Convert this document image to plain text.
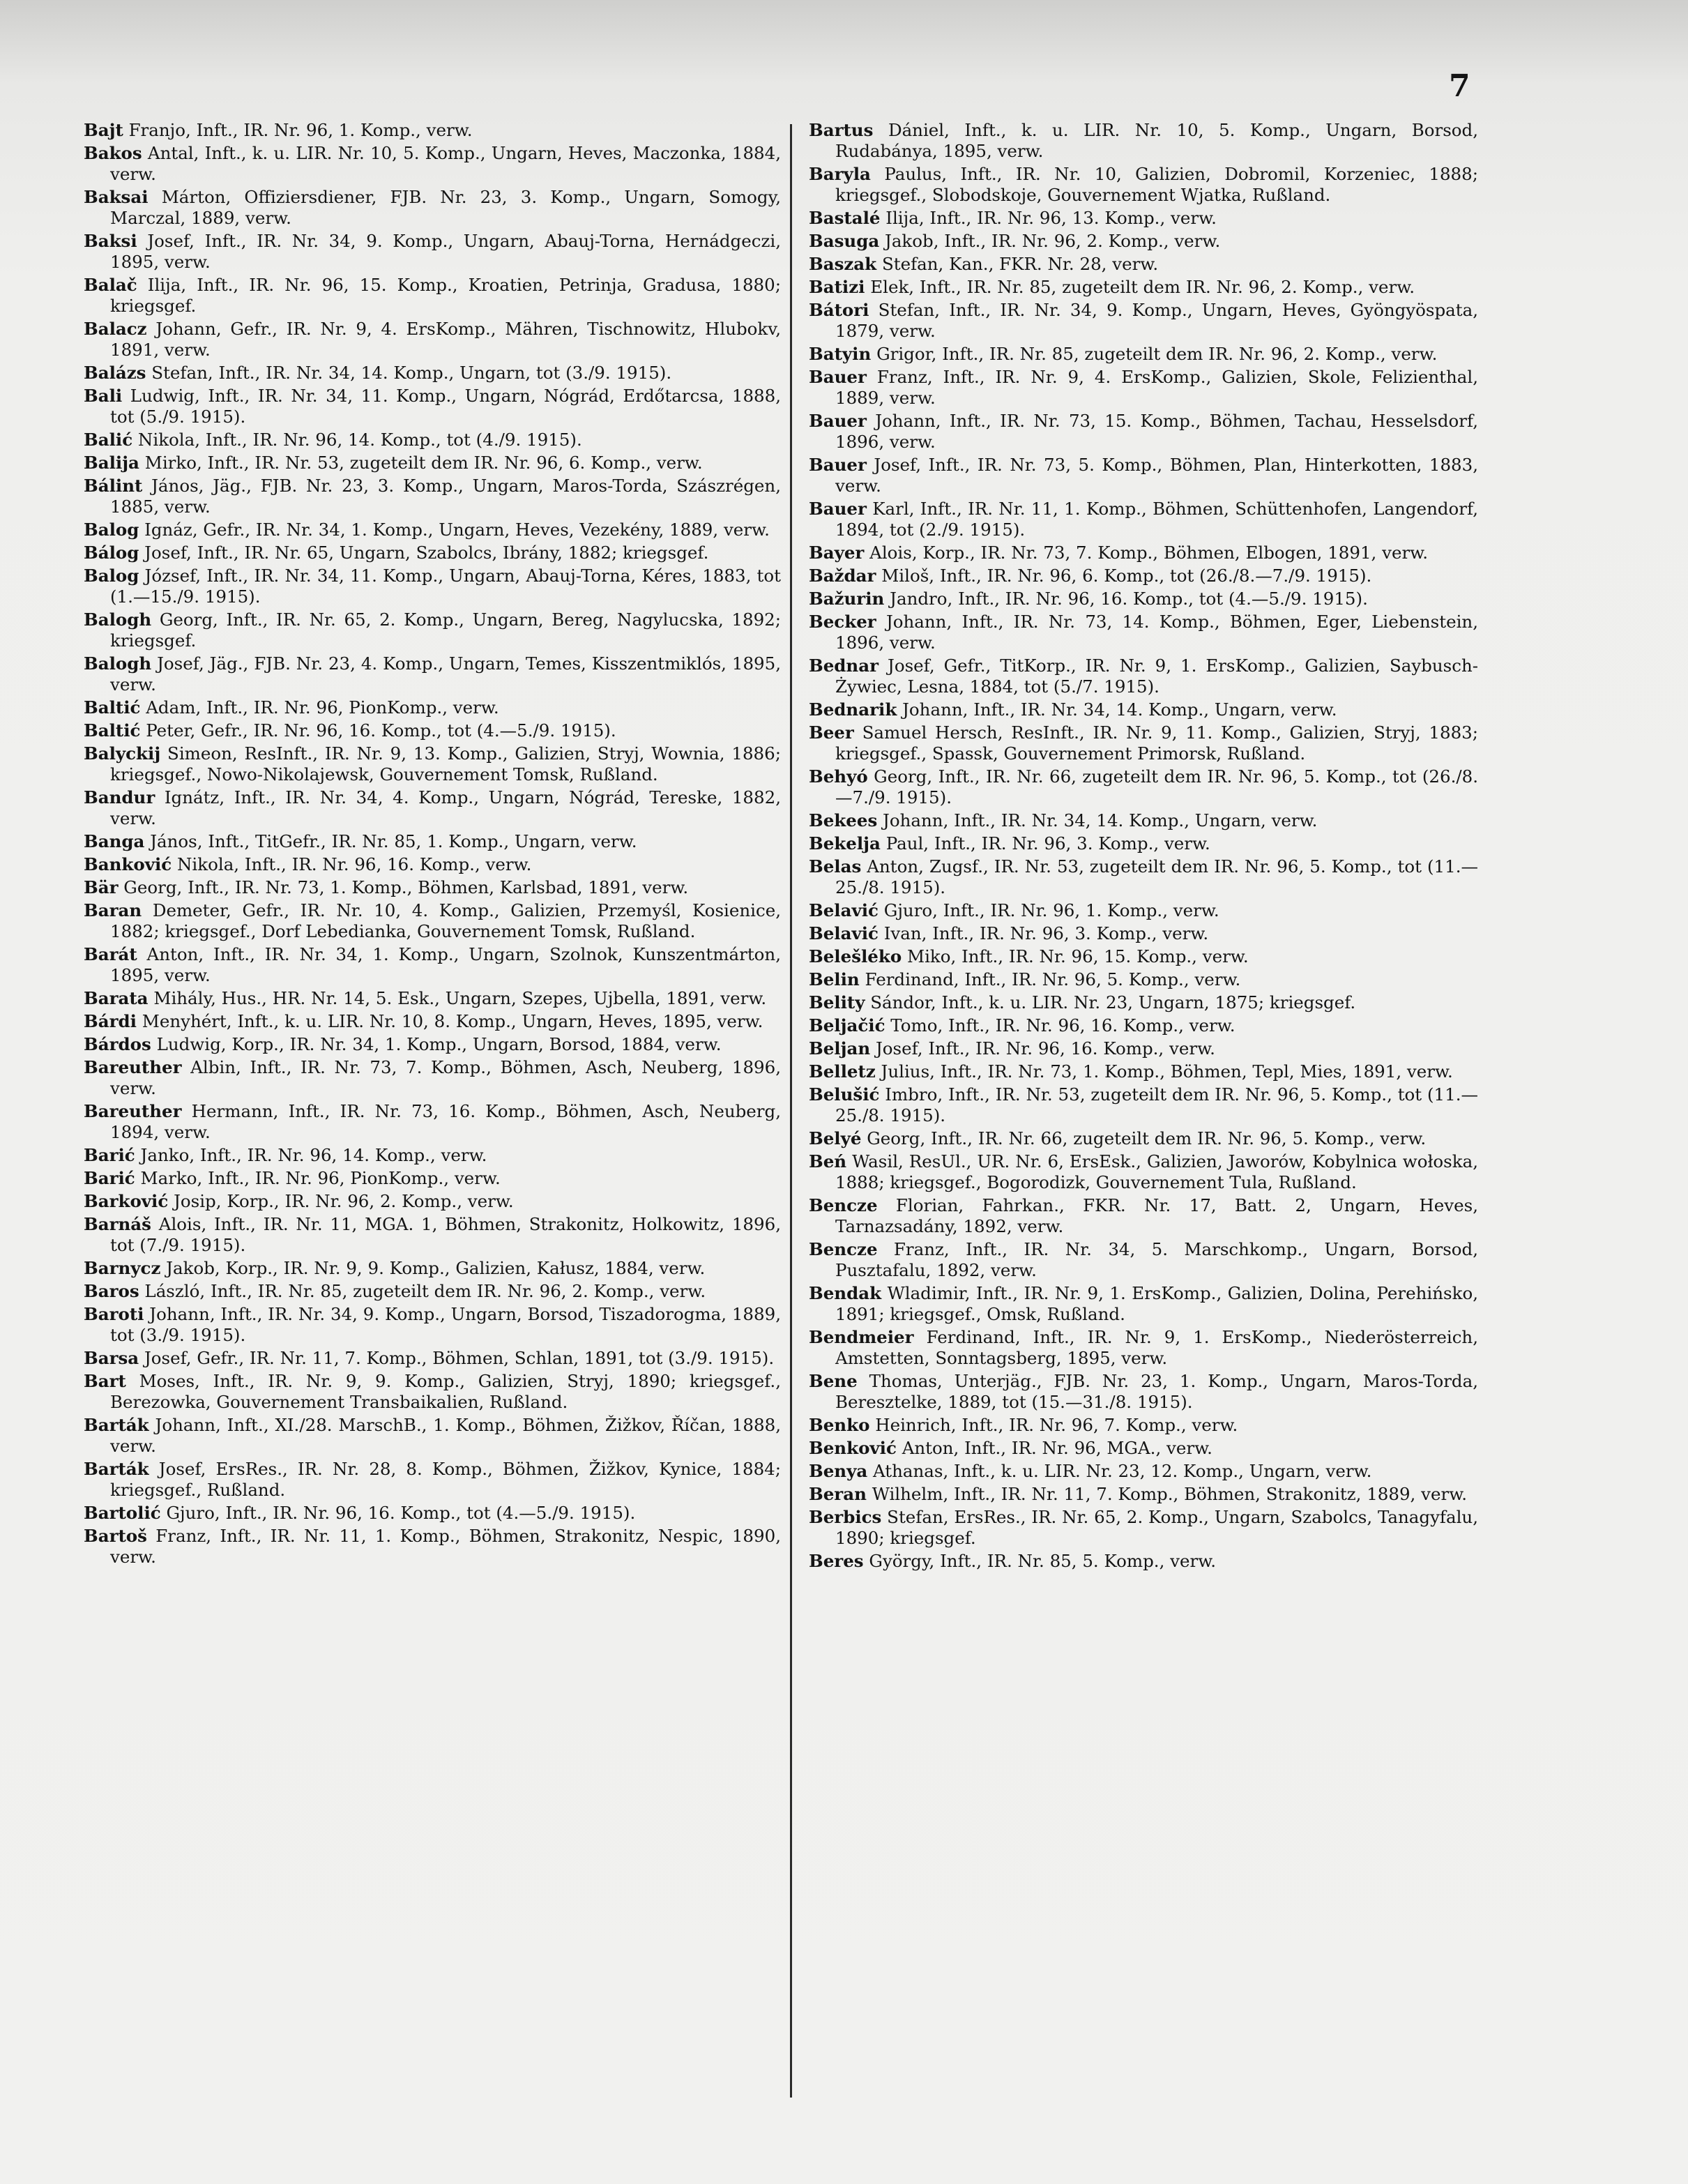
7

Bajt Franjo, Inft., IR. Nr. 96, 1. Komp., verw.

Bakos Antal, Inft., k. u. LIR. Nr. 10, 5. Komp., Ungarn, Heves, Maczonka, 1884, verw.

Baksai Márton, Offiziersdiener, FJB. Nr. 23, 3. Komp., Ungarn, Somogy, Marczal, 1889, verw.

Baksi Josef, Inft., IR. Nr. 34, 9. Komp., Ungarn, Abauj-Torna, Hernádgeczi, 1895, verw.

Balač Ilija, Inft., IR. Nr. 96, 15. Komp., Kroatien, Petrinja, Gradusa, 1880; kriegsgef.

Balacz Johann, Gefr., IR. Nr. 9, 4. ErsKomp., Mähren, Tischnowitz, Hlubokv, 1891, verw.

Balázs Stefan, Inft., IR. Nr. 34, 14. Komp., Ungarn, tot (3./9. 1915).

Bali Ludwig, Inft., IR. Nr. 34, 11. Komp., Ungarn, Nógrád, Erdőtarcsa, 1888, tot (5./9. 1915).

Balić Nikola, Inft., IR. Nr. 96, 14. Komp., tot (4./9. 1915).

Balija Mirko, Inft., IR. Nr. 53, zugeteilt dem IR. Nr. 96, 6. Komp., verw.

Bálint János, Jäg., FJB. Nr. 23, 3. Komp., Ungarn, Maros-Torda, Szászrégen, 1885, verw.

Balog Ignáz, Gefr., IR. Nr. 34, 1. Komp., Ungarn, Heves, Vezekény, 1889, verw.

Bálog Josef, Inft., IR. Nr. 65, Ungarn, Szabolcs, Ibrány, 1882; kriegsgef.

Balog József, Inft., IR. Nr. 34, 11. Komp., Ungarn, Abauj-Torna, Kéres, 1883, tot (1.—15./9. 1915).

Balogh Georg, Inft., IR. Nr. 65, 2. Komp., Ungarn, Bereg, Nagylucska, 1892; kriegsgef.

Balogh Josef, Jäg., FJB. Nr. 23, 4. Komp., Ungarn, Temes, Kisszentmiklós, 1895, verw.

Baltić Adam, Inft., IR. Nr. 96, PionKomp., verw.

Baltić Peter, Gefr., IR. Nr. 96, 16. Komp., tot (4.—5./9. 1915).

Balyckij Simeon, ResInft., IR. Nr. 9, 13. Komp., Galizien, Stryj, Wownia, 1886; kriegsgef., Nowo-Nikolajewsk, Gouvernement Tomsk, Rußland.

Bandur Ignátz, Inft., IR. Nr. 34, 4. Komp., Ungarn, Nógrád, Tereske, 1882, verw.

Banga János, Inft., TitGefr., IR. Nr. 85, 1. Komp., Ungarn, verw.

Banković Nikola, Inft., IR. Nr. 96, 16. Komp., verw.

Bär Georg, Inft., IR. Nr. 73, 1. Komp., Böhmen, Karlsbad, 1891, verw.

Baran Demeter, Gefr., IR. Nr. 10, 4. Komp., Galizien, Przemyśl, Kosienice, 1882; kriegsgef., Dorf Lebedianka, Gouvernement Tomsk, Rußland.

Barát Anton, Inft., IR. Nr. 34, 1. Komp., Ungarn, Szolnok, Kunszentmárton, 1895, verw.

Barata Mihály, Hus., HR. Nr. 14, 5. Esk., Ungarn, Szepes, Ujbella, 1891, verw.

Bárdi Menyhért, Inft., k. u. LIR. Nr. 10, 8. Komp., Ungarn, Heves, 1895, verw.

Bárdos Ludwig, Korp., IR. Nr. 34, 1. Komp., Ungarn, Borsod, 1884, verw.

Bareuther Albin, Inft., IR. Nr. 73, 7. Komp., Böhmen, Asch, Neuberg, 1896, verw.

Bareuther Hermann, Inft., IR. Nr. 73, 16. Komp., Böhmen, Asch, Neuberg, 1894, verw.

Barić Janko, Inft., IR. Nr. 96, 14. Komp., verw.

Barić Marko, Inft., IR. Nr. 96, PionKomp., verw.

Barković Josip, Korp., IR. Nr. 96, 2. Komp., verw.

Barnáš Alois, Inft., IR. Nr. 11, MGA. 1, Böhmen, Strakonitz, Holkowitz, 1896, tot (7./9. 1915).

Barnycz Jakob, Korp., IR. Nr. 9, 9. Komp., Galizien, Kałusz, 1884, verw.

Baros László, Inft., IR. Nr. 85, zugeteilt dem IR. Nr. 96, 2. Komp., verw.

Baroti Johann, Inft., IR. Nr. 34, 9. Komp., Ungarn, Borsod, Tiszadorogma, 1889, tot (3./9. 1915).

Barsa Josef, Gefr., IR. Nr. 11, 7. Komp., Böhmen, Schlan, 1891, tot (3./9. 1915).

Bart Moses, Inft., IR. Nr. 9, 9. Komp., Galizien, Stryj, 1890; kriegsgef., Berezowka, Gouvernement Transbaikalien, Rußland.

Barták Johann, Inft., XI./28. MarschB., 1. Komp., Böhmen, Žižkov, Říčan, 1888, verw.

Barták Josef, ErsRes., IR. Nr. 28, 8. Komp., Böhmen, Žižkov, Kynice, 1884; kriegsgef., Rußland.

Bartolić Gjuro, Inft., IR. Nr. 96, 16. Komp., tot (4.—5./9. 1915).

Bartoš Franz, Inft., IR. Nr. 11, 1. Komp., Böhmen, Strakonitz, Nespic, 1890, verw.

Bartus Dániel, Inft., k. u. LIR. Nr. 10, 5. Komp., Ungarn, Borsod, Rudabánya, 1895, verw.

Baryla Paulus, Inft., IR. Nr. 10, Galizien, Dobromil, Korzeniec, 1888; kriegsgef., Slobodskoje, Gouvernement Wjatka, Rußland.

Bastalé Ilija, Inft., IR. Nr. 96, 13. Komp., verw.

Basuga Jakob, Inft., IR. Nr. 96, 2. Komp., verw.

Baszak Stefan, Kan., FKR. Nr. 28, verw.

Batizi Elek, Inft., IR. Nr. 85, zugeteilt dem IR. Nr. 96, 2. Komp., verw.

Bátori Stefan, Inft., IR. Nr. 34, 9. Komp., Ungarn, Heves, Gyöngyöspata, 1879, verw.

Batyin Grigor, Inft., IR. Nr. 85, zugeteilt dem IR. Nr. 96, 2. Komp., verw.

Bauer Franz, Inft., IR. Nr. 9, 4. ErsKomp., Galizien, Skole, Felizienthal, 1889, verw.

Bauer Johann, Inft., IR. Nr. 73, 15. Komp., Böhmen, Tachau, Hesselsdorf, 1896, verw.

Bauer Josef, Inft., IR. Nr. 73, 5. Komp., Böhmen, Plan, Hinterkotten, 1883, verw.

Bauer Karl, Inft., IR. Nr. 11, 1. Komp., Böhmen, Schüttenhofen, Langendorf, 1894, tot (2./9. 1915).

Bayer Alois, Korp., IR. Nr. 73, 7. Komp., Böhmen, Elbogen, 1891, verw.

Baždar Miloš, Inft., IR. Nr. 96, 6. Komp., tot (26./8.—7./9. 1915).

Bažurin Jandro, Inft., IR. Nr. 96, 16. Komp., tot (4.—5./9. 1915).

Becker Johann, Inft., IR. Nr. 73, 14. Komp., Böhmen, Eger, Liebenstein, 1896, verw.

Bednar Josef, Gefr., TitKorp., IR. Nr. 9, 1. ErsKomp., Galizien, Saybusch-Żywiec, Lesna, 1884, tot (5./7. 1915).

Bednarik Johann, Inft., IR. Nr. 34, 14. Komp., Ungarn, verw.

Beer Samuel Hersch, ResInft., IR. Nr. 9, 11. Komp., Galizien, Stryj, 1883; kriegsgef., Spassk, Gouvernement Primorsk, Rußland.

Behyó Georg, Inft., IR. Nr. 66, zugeteilt dem IR. Nr. 96, 5. Komp., tot (26./8.—7./9. 1915).

Bekees Johann, Inft., IR. Nr. 34, 14. Komp., Ungarn, verw.

Bekelja Paul, Inft., IR. Nr. 96, 3. Komp., verw.

Belas Anton, Zugsf., IR. Nr. 53, zugeteilt dem IR. Nr. 96, 5. Komp., tot (11.—25./8. 1915).

Belavić Gjuro, Inft., IR. Nr. 96, 1. Komp., verw.

Belavić Ivan, Inft., IR. Nr. 96, 3. Komp., verw.

Belešléko Miko, Inft., IR. Nr. 96, 15. Komp., verw.

Belin Ferdinand, Inft., IR. Nr. 96, 5. Komp., verw.

Belity Sándor, Inft., k. u. LIR. Nr. 23, Ungarn, 1875; kriegsgef.

Beljačić Tomo, Inft., IR. Nr. 96, 16. Komp., verw.

Beljan Josef, Inft., IR. Nr. 96, 16. Komp., verw.

Belletz Julius, Inft., IR. Nr. 73, 1. Komp., Böhmen, Tepl, Mies, 1891, verw.

Belušić Imbro, Inft., IR. Nr. 53, zugeteilt dem IR. Nr. 96, 5. Komp., tot (11.—25./8. 1915).

Belyé Georg, Inft., IR. Nr. 66, zugeteilt dem IR. Nr. 96, 5. Komp., verw.

Beń Wasil, ResUl., UR. Nr. 6, ErsEsk., Galizien, Jaworów, Kobylnica wołoska, 1888; kriegsgef., Bogorodizk, Gouvernement Tula, Rußland.

Bencze Florian, Fahrkan., FKR. Nr. 17, Batt. 2, Ungarn, Heves, Tarnazsadány, 1892, verw.

Bencze Franz, Inft., IR. Nr. 34, 5. Marschkomp., Ungarn, Borsod, Pusztafalu, 1892, verw.

Bendak Wladimir, Inft., IR. Nr. 9, 1. ErsKomp., Galizien, Dolina, Perehińsko, 1891; kriegsgef., Omsk, Rußland.

Bendmeier Ferdinand, Inft., IR. Nr. 9, 1. ErsKomp., Niederösterreich, Amstetten, Sonntagsberg, 1895, verw.

Bene Thomas, Unterjäg., FJB. Nr. 23, 1. Komp., Ungarn, Maros-Torda, Beresztelke, 1889, tot (15.—31./8. 1915).

Benko Heinrich, Inft., IR. Nr. 96, 7. Komp., verw.

Benković Anton, Inft., IR. Nr. 96, MGA., verw.

Benya Athanas, Inft., k. u. LIR. Nr. 23, 12. Komp., Ungarn, verw.

Beran Wilhelm, Inft., IR. Nr. 11, 7. Komp., Böhmen, Strakonitz, 1889, verw.

Berbics Stefan, ErsRes., IR. Nr. 65, 2. Komp., Ungarn, Szabolcs, Tanagyfalu, 1890; kriegsgef.

Beres György, Inft., IR. Nr. 85, 5. Komp., verw.
